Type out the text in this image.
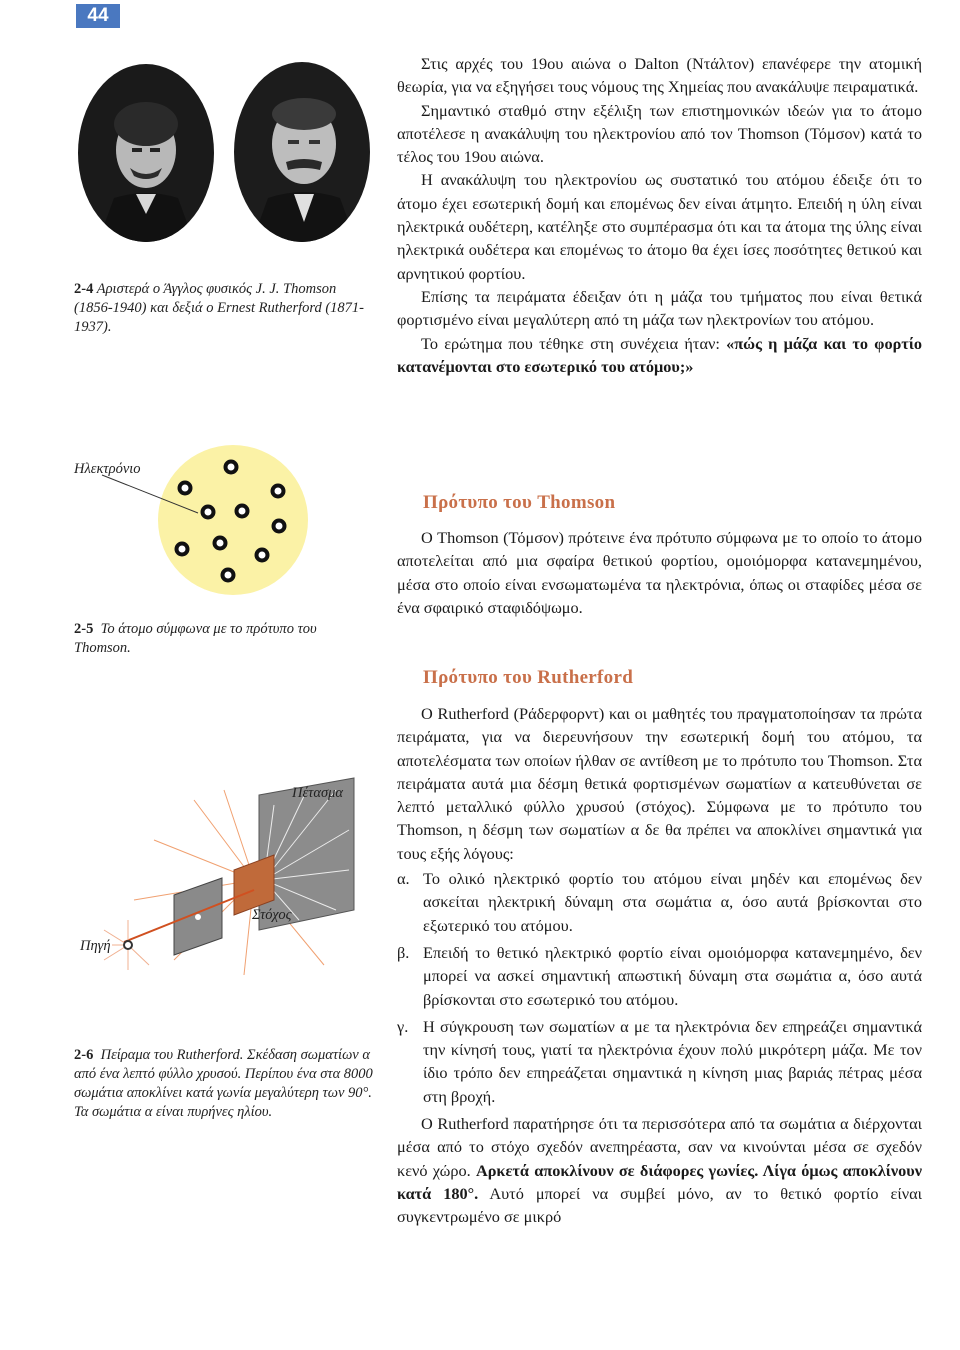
44
2-4 Αριστερά ο Άγγλος φυσικός J. J. Thomson (1856-1940) και δεξιά ο Ernest Rutherford (1871-1937).
Ηλεκτρόνιο
2-5 Το άτομο σύμφωνα με το πρότυπο του Thomson.
Πέτασμα
Στόχος
Πηγή
2-6 Πείραμα του Rutherford. Σκέδαση σωματίων α από ένα λεπτό φύλλο χρυσού. Περίπου ένα στα 8000 σωμάτια αποκλίνει κατά γωνία μεγαλύτερη των 90°. Τα σωμάτια α είναι πυρήνες ηλίου.

Στις αρχές του 19ου αιώνα ο Dalton (Ντάλτον) επανέφερε την ατομική θεωρία, για να εξηγήσει τους νόμους της Χημείας που ανακάλυψε πειραματικά.

Σημαντικό σταθμό στην εξέλιξη των επιστημονικών ιδεών για το άτομο αποτέλεσε η ανακάλυψη του ηλεκτρονίου από τον Thomson (Τόμσον) κατά το τέλος του 19ου αιώνα.

Η ανακάλυψη του ηλεκτρονίου ως συστατικό του ατόμου έδειξε ότι το άτομο έχει εσωτερική δομή και επομένως δεν είναι άτμητο. Επειδή η ύλη είναι ηλεκτρικά ουδέτερη, κατέληξε στο συμπέρασμα ότι και τα άτομα της ύλης είναι ηλεκτρικά ουδέτερα και επομένως το άτομο θα έχει ίσες ποσότητες θετικού και αρνητικού φορτίου.

Επίσης τα πειράματα έδειξαν ότι η μάζα του τμήματος που είναι θετικά φορτισμένο είναι μεγαλύτερη από τη μάζα των ηλεκτρονίων του ατόμου.

Το ερώτημα που τέθηκε στη συνέχεια ήταν: «πώς η μάζα και το φορτίο κατανέμονται στο εσωτερικό του ατόμου;»

Πρότυπο του Thomson

Ο Thomson (Τόμσον) πρότεινε ένα πρότυπο σύμφωνα με το οποίο το άτομο αποτελείται από μια σφαίρα θετικού φορτίου, ομοιόμορφα κατανεμημένου, μέσα στο οποίο είναι ενσωματωμένα τα ηλεκτρόνια, όπως οι σταφίδες μέσα σε ένα σφαιρικό σταφιδόψωμο.

Πρότυπο του Rutherford

Ο Rutherford (Ράδερφορντ) και οι μαθητές του πραγματοποίησαν τα πρώτα πειράματα, για να διερευνήσουν την εσωτερική δομή του ατόμου, τα αποτελέσματα των οποίων ήλθαν σε αντίθεση με το πρότυπο του Thomson. Στα πειράματα αυτά μια δέσμη θετικά φορτισμένων σωματίων α κατευθύνεται σε λεπτό μεταλλικό φύλλο χρυσού (στόχος). Σύμφωνα με το πρότυπο του Thomson, η δέσμη των σωματίων α δε θα πρέπει να αποκλίνει σημαντικά για τους εξής λόγους:

α. Το ολικό ηλεκτρικό φορτίο του ατόμου είναι μηδέν και επομένως δεν ασκείται ηλεκτρική δύναμη στα σωμάτια α, όσο αυτά βρίσκονται στο εξωτερικό του ατόμου.
β. Επειδή το θετικό ηλεκτρικό φορτίο είναι ομοιόμορφα κατανεμημένο, δεν μπορεί να ασκεί σημαντική απωστική δύναμη στα σωμάτια α, όσο αυτά βρίσκονται στο εσωτερικό του ατόμου.
γ. Η σύγκρουση των σωματίων α με τα ηλεκτρόνια δεν επηρεάζει σημαντικά την κίνησή τους, γιατί τα ηλεκτρόνια έχουν πολύ μικρότερη μάζα. Με τον ίδιο τρόπο δεν επηρεάζεται σημαντικά η κίνηση μιας βαριάς πέτρας μέσα στη βροχή.

Ο Rutherford παρατήρησε ότι τα περισσότερα από τα σωμάτια α διέρχονται μέσα από το στόχο σχεδόν ανεπηρέαστα, σαν να κινούνται μέσα σε σχεδόν κενό χώρο. Αρκετά αποκλίνουν σε διάφορες γωνίες. Λίγα όμως αποκλίνουν κατά 180°. Αυτό μπορεί να συμβεί μόνο, αν το θετικό φορτίο είναι συγκεντρωμένο σε μικρό
